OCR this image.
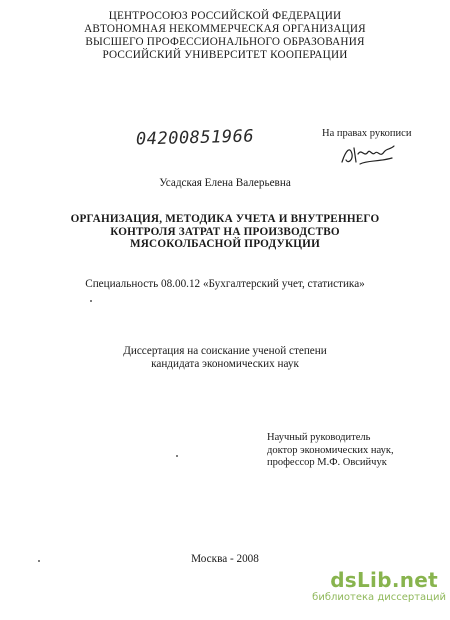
ЦЕНТРОСОЮЗ РОССИЙСКОЙ ФЕДЕРАЦИИ
АВТОНОМНАЯ НЕКОММЕРЧЕСКАЯ ОРГАНИЗАЦИЯ
ВЫСШЕГО ПРОФЕССИОНАЛЬНОГО ОБРАЗОВАНИЯ
РОССИЙСКИЙ УНИВЕРСИТЕТ КООПЕРАЦИИ
04200851966	На правах рукописи
Усадская Елена Валерьевна
ОРГАНИЗАЦИЯ, МЕТОДИКА УЧЕТА И ВНУТРЕННЕГО
КОНТРОЛЯ ЗАТРАТ НА ПРОИЗВОДСТВО
МЯСОКОЛБАСНОЙ ПРОДУКЦИИ
Специальность 08.00.12 «Бухгалтерский учет, статистика»
Диссертация на соискание ученой степени
кандидата экономических наук
Научный руководитель
доктор экономических наук,
профессор М.Ф. Овсийчук
Москва - 2008
dsLib.net
библиотека диссертаций
